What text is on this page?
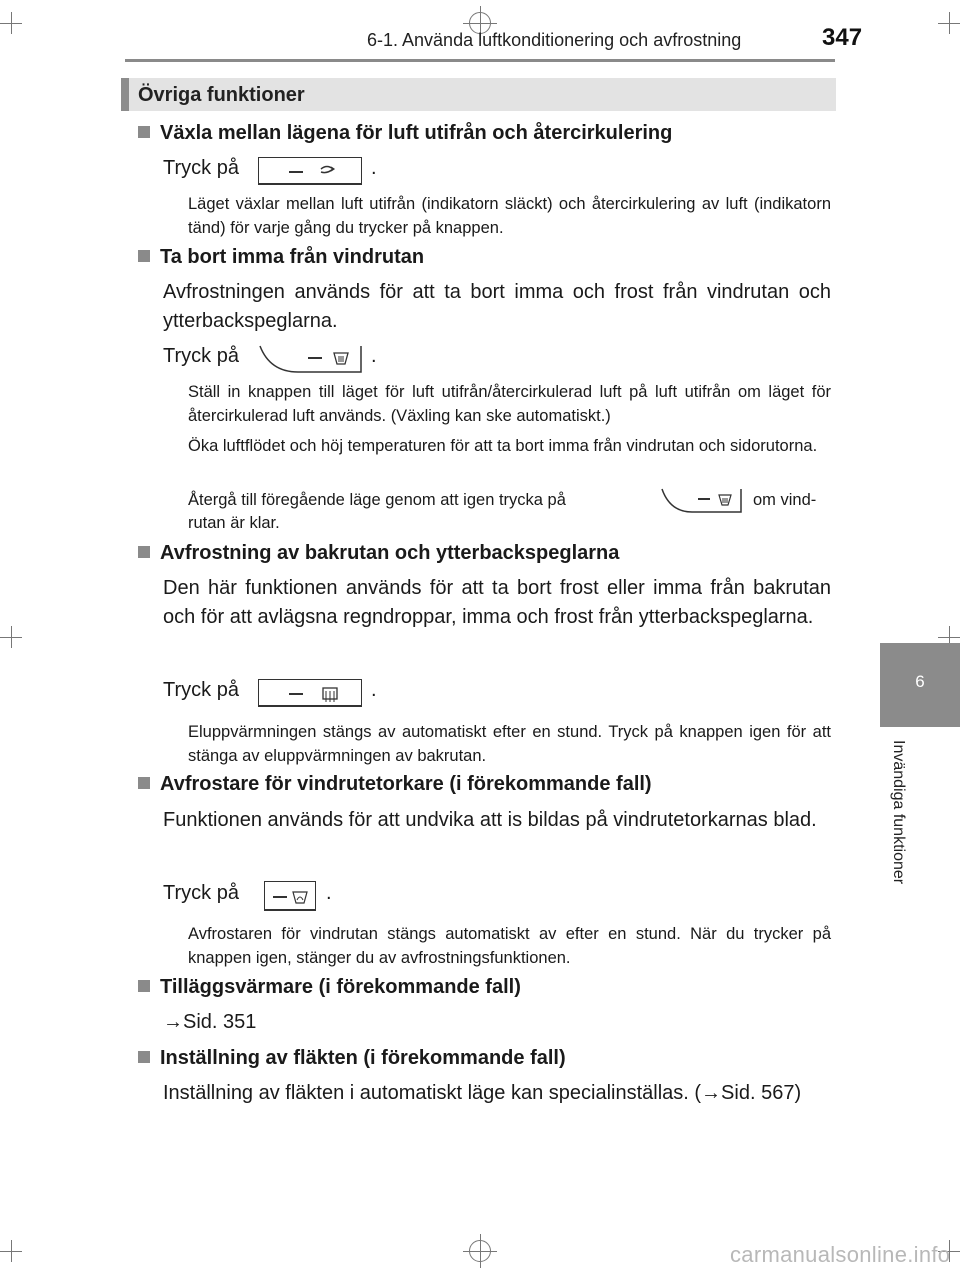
6-1. Använda luftkonditionering och avfrostning	347
Övriga funktioner
6
Invändiga funktioner
Växla mellan lägena för luft utifrån och återcirkulering
Tryck på	.
Läget växlar mellan luft utifrån (indikatorn släckt) och återcirkulering av luft (indikatorn tänd) för varje gång du trycker på knappen.
Ta bort imma från vindrutan
Avfrostningen används för att ta bort imma och frost från vindrutan och ytterbackspeglarna.
Tryck på	.
Ställ in knappen till läget för luft utifrån/återcirkulerad luft på luft utifrån om läget för återcirkulerad luft används. (Växling kan ske automatiskt.)
Öka luftflödet och höj temperaturen för att ta bort imma från vindrutan och sidorutorna.
Återgå till föregående läge genom att igen trycka på	om vind-
rutan är klar.
Avfrostning av bakrutan och ytterbackspeglarna
Den här funktionen används för att ta bort frost eller imma från bakrutan och för att avlägsna regndroppar, imma och frost från ytterbackspeglarna.
Tryck på	.
Eluppvärmningen stängs av automatiskt efter en stund. Tryck på knappen igen för att stänga av eluppvärmningen av bakrutan.
Avfrostare för vindrutetorkare (i förekommande fall)
Funktionen används för att undvika att is bildas på vindrutetorkarnas blad.
Tryck på	.
Avfrostaren för vindrutan stängs automatiskt av efter en stund. När du trycker på knappen igen, stänger du av avfrostningsfunktionen.
Tilläggsvärmare (i förekommande fall)
→Sid. 351
Inställning av fläkten (i förekommande fall)
Inställning av fläkten i automatiskt läge kan specialinställas. (→Sid. 567)
carmanualsonline.info
